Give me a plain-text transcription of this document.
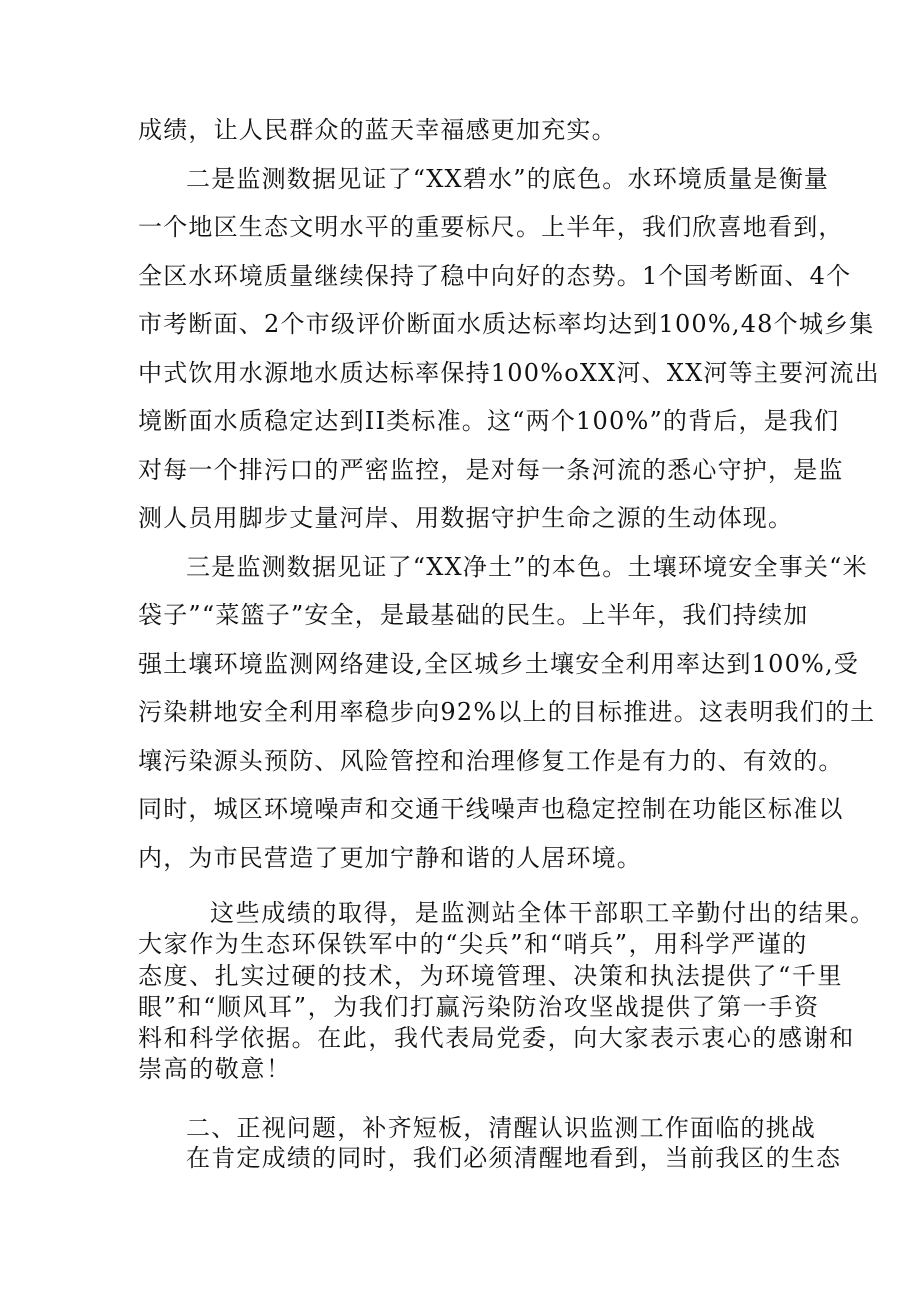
成绩，让人民群众的蓝天幸福感更加充实。
二是监测数据见证了“XX碧水”的底色。水环境质量是衡量
一个地区生态文明水平的重要标尺。上半年，我们欣喜地看到，
全区水环境质量继续保持了稳中向好的态势。1个国考断面、4个
市考断面、2个市级评价断面水质达标率均达到100%,48个城乡集
中式饮用水源地水质达标率保持100%oXX河、XX河等主要河流出
境断面水质稳定达到II类标准。这“两个100%”的背后，是我们
对每一个排污口的严密监控，是对每一条河流的悉心守护，是监
测人员用脚步丈量河岸、用数据守护生命之源的生动体现。
三是监测数据见证了“XX净土”的本色。土壤环境安全事关“米
袋子”“菜篮子”安全，是最基础的民生。上半年，我们持续加
强土壤环境监测网络建设,全区城乡土壤安全利用率达到100%,受
污染耕地安全利用率稳步向92%以上的目标推进。这表明我们的土
壤污染源头预防、风险管控和治理修复工作是有力的、有效的。
同时，城区环境噪声和交通干线噪声也稳定控制在功能区标准以
内，为市民营造了更加宁静和谐的人居环境。
这些成绩的取得，是监测站全体干部职工辛勤付出的结果。
大家作为生态环保铁军中的“尖兵”和“哨兵”，用科学严谨的
态度、扎实过硬的技术，为环境管理、决策和执法提供了“千里
眼”和“顺风耳”，为我们打赢污染防治攻坚战提供了第一手资
料和科学依据。在此，我代表局党委，向大家表示衷心的感谢和
崇高的敬意！
二、正视问题，补齐短板，清醒认识监测工作面临的挑战
在肯定成绩的同时，我们必须清醒地看到，当前我区的生态
